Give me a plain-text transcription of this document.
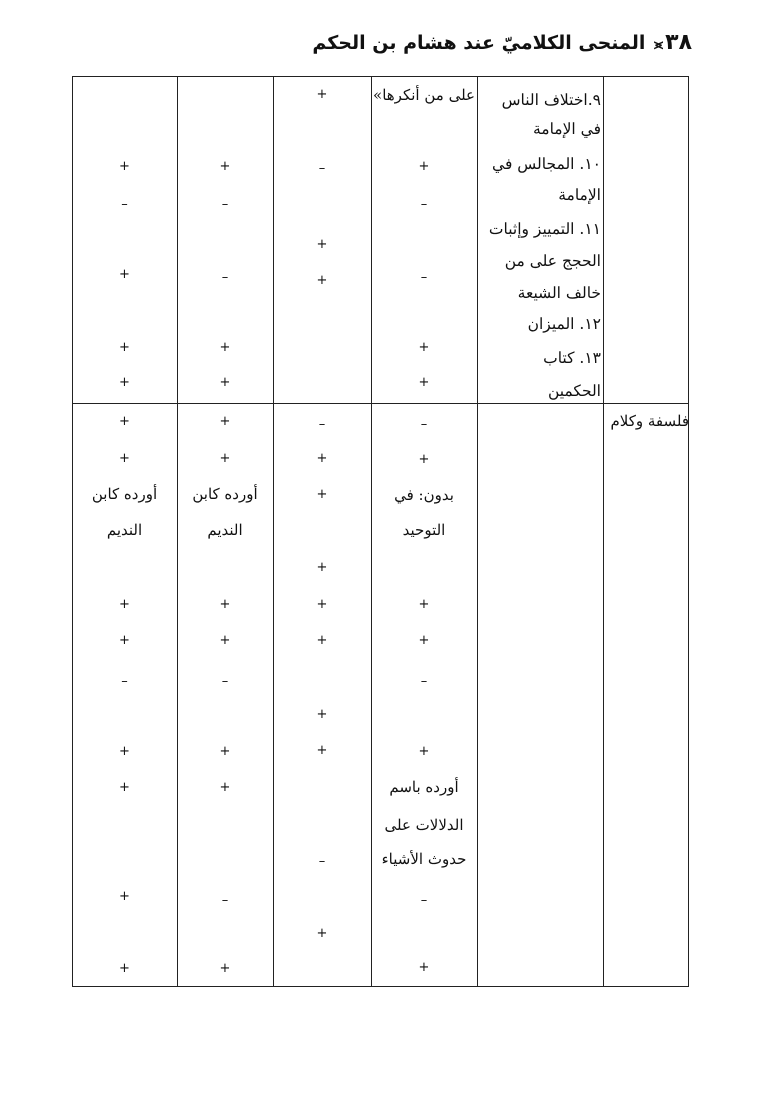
٣٨⪤ المنحى الكلاميّ عند هشام بن الحكم
فلسفة وكلام
٩.اختلاف الناس
في الإمامة
١٠. المجالس في
الإمامة
١١. التمييز وإثبات
الحجج على من
خالف الشيعة
١٢. الميزان
١٣. كتاب
الحكمين
على من أنكرها»
+
–
–
+
+
–
+
بدون: في
التوحيد
+
+
–
+
أورده باسم
الدلالات على
حدوث الأشياء
–
+
+
–
+
+
–
+
+
+
+
+
+
+
–
+
+
–
–
+
+
+
+
أورده كابن
النديم
+
+
–
+
+
–
+
+
–
+
+
+
+
+
أورده كابن
النديم
+
+
–
+
+
+
+
